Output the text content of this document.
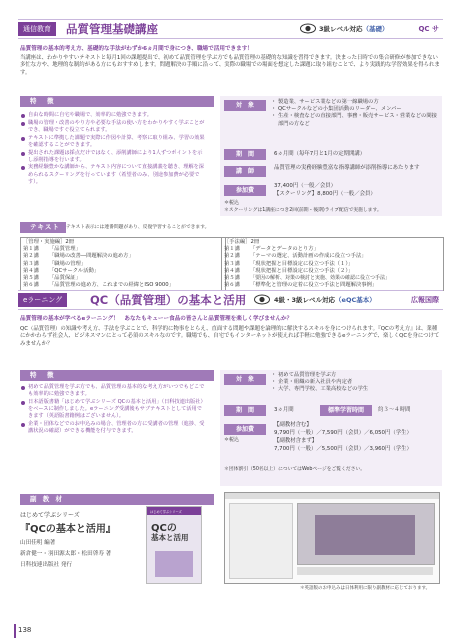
通信教育	品質管理基礎講座	3級レベル対応（基礎）	QC サ
品質管理の基本的考え方、基礎的な手法がわずか6ヵ月間で身につき、職場で活用できます！
当講座は、わかりやすいテキストと毎月1回の課題提出で、初めて品質管理を学ぶ方でも品質管理の基礎的な知識を習得できます。決まった日時での集合研修が参加できない多忙な方や、地理的な制約がある方にもおすすめします。問題解決の手順に沿って、実際の職場での場面を想定した課題に取り組むことで、より実践的な学習効果を得られます。
特　徴
自由な時間に自宅や職場で、効率的に勉強できます。
職場の管理・改善のやり方や必要な手法の使い方をわかりやすく学ぶことができ、職場ですぐ役立てられます。
テキストに準拠した課題で実際に作図や計算、考察に取り組み、学習の効果を確認することができます。
提出された課題は採点だけではなく、添削講師により1人ずつポイントを示し添削指導を行います。
実務経験豊かな講師から、テキスト内容について直接講義を聴き、理解を深められるスクーリングを行っています（希望者のみ、別途参加費が必要です）。
対　象
・	製造業、サービス業などの第一線職場の方
・ QCサークルなどの小集団活動のリーダー、メンバー
・ 生産・検査などの直接部門、事務・販売サービス・営業などの間接部門の方など
期　間	6ヵ月間（毎年7月と1月の定期開講）
講　師	品質管理の実務経験豊富な指導講師が添削指導にあたります
参加費
37,400円（一般／会員）
【スクーリング】8,800円（一般／会員）
＊税込
＊スクーリングは1講座につき2回(前期・後期)ライブ配信で実施します。
テキスト	テキスト表示には連番問題があり、反復学習することができます。
［管理・実施編］2冊
第１講	「品質管理」
第２講	「職場の改善―問題解決の進め方」
第３講	「職場の管理」
第４講	「QCサークル活動」
第５講	「品質保証」
第６講	「品質管理の進め方、これまでの経緯とISO 9000」
［手法編］2冊
第１講	「データとデータのとり方」
第２講	「テーマの選定、活動計画の作成に役立つ手法」
第３講	「現状把握と目標設定に役立つ手法（１）」
第４講	「現状把握と目標設定に役立つ手法（２）」
第５講	「要因の解析、対策の検討と実施、効果の確認に役立つ手法」
第６講	「標準化と管理の定着に役立つ手法と問題解決事例」
eラーニング	QC（品質管理）の基本と活用	4級・3級レベル対応（eQC基本）	広報国際
品質管理の基本が学べるeラーニング！　あなたもキューー食品の皆さんと品質管理を楽しく学びませんか？
QC（品質管理）の知識や考え方、手法を学ぶことで、科学的に物事をとらえ、直面する問題や課題を論理的に解決するスキルを身につけられます。『QCの考え方』は、業種にかかわらず社会人、ビジネスマンにとって必須のスキルなのです。職場でも、自宅でもインターネットが使えれば手軽に勉強できるeラーニングで、楽しくQCを身につけてみませんか？
特　徴
初めて品質管理を学ぶ方でも、品質管理の基本的な考え方がいつでもどこでも効率的に勉強できます。
日本語版書籍「はじめて学ぶシリーズ QCの基本と活用」（日科技連出版社）をベースに制作しました。eラーニング受講後もサブテキストとして活用できます（英語版書籍例はございません）。
企業・団体などでのお申込みの場合、管理者の方に受講者の管理（進捗、受講状況の確認）ができる機能を付与できます。
副 教 材
はじめて学ぶシリーズ
『QCの基本と活用』
山田佳明 編著
新倉健一・羽田源太郎・松田啓寿 著
日科技連出版社 発行
はじめて学ぶシリーズ
QCの
基本と活用
対　象
・ 初めて品質管理を学ぶ方
・ 企業・組織の新入社員や内定者
・ 大学、専門学校、工業高校などの学生
期　間	3ヵ月間	標準学習時間	約３～４時間
参加費
【副教材含む】
9,790円（一般）／7,590円（会員）／6,050円（学生）
【副教材含まず】
7,700円（一般）／5,500円（会員）／3,960円（学生）
＊税込
＊団体割引（50名以上）についてはWebページをご覧ください。
＊英語版のお申込みは日体利用に限り副教材に応じております。
138
